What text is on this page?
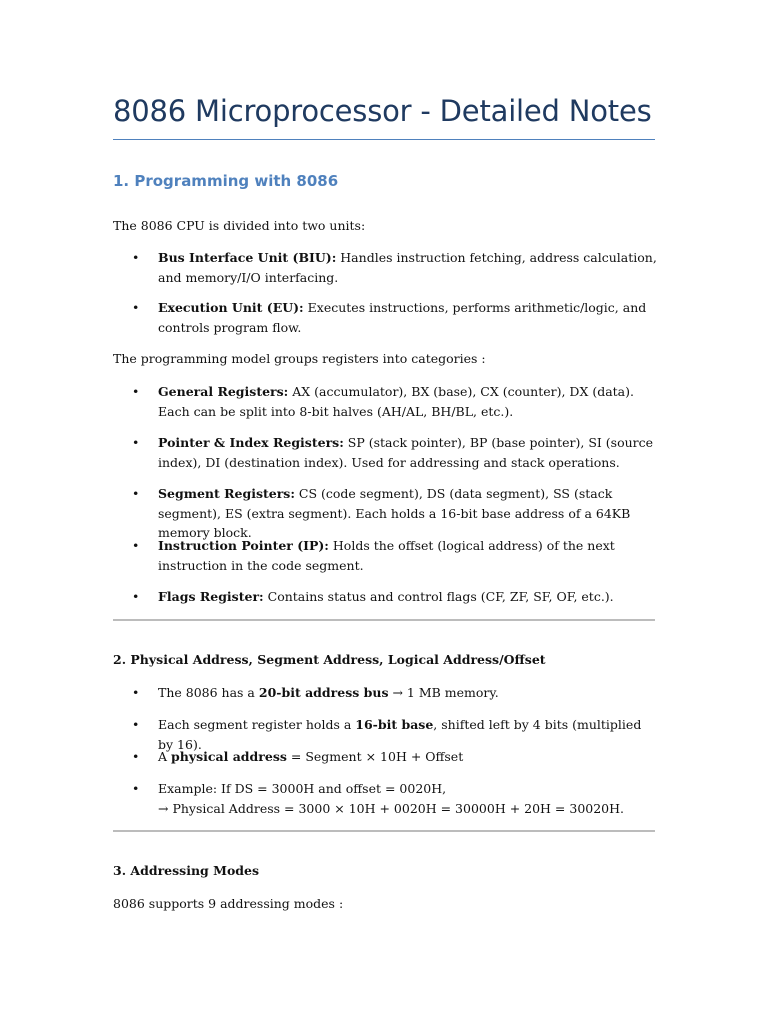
8086 Microprocessor - Detailed Notes
1. Programming with 8086

The 8086 CPU is divided into two units:

• Bus Interface Unit (BIU): Handles instruction fetching, address calculation, and memory/I/O interfacing.
• Execution Unit (EU): Executes instructions, performs arithmetic/logic, and controls program flow.

The programming model groups registers into categories :

• General Registers: AX (accumulator), BX (base), CX (counter), DX (data). Each can be split into 8-bit halves (AH/AL, BH/BL, etc.).
• Pointer & Index Registers: SP (stack pointer), BP (base pointer), SI (source index), DI (destination index). Used for addressing and stack operations.
• Segment Registers: CS (code segment), DS (data segment), SS (stack segment), ES (extra segment). Each holds a 16-bit base address of a 64KB memory block.
• Instruction Pointer (IP): Holds the offset (logical address) of the next instruction in the code segment.
• Flags Register: Contains status and control flags (CF, ZF, SF, OF, etc.).
2. Physical Address, Segment Address, Logical Address/Offset
• The 8086 has a 20-bit address bus → 1 MB memory.
• Each segment register holds a 16-bit base, shifted left by 4 bits (multiplied by 16).
• A physical address = Segment × 10H + Offset
• Example: If DS = 3000H and offset = 0020H,
→ Physical Address = 3000 × 10H + 0020H = 30000H + 20H = 30020H.
3. Addressing Modes

8086 supports 9 addressing modes :
